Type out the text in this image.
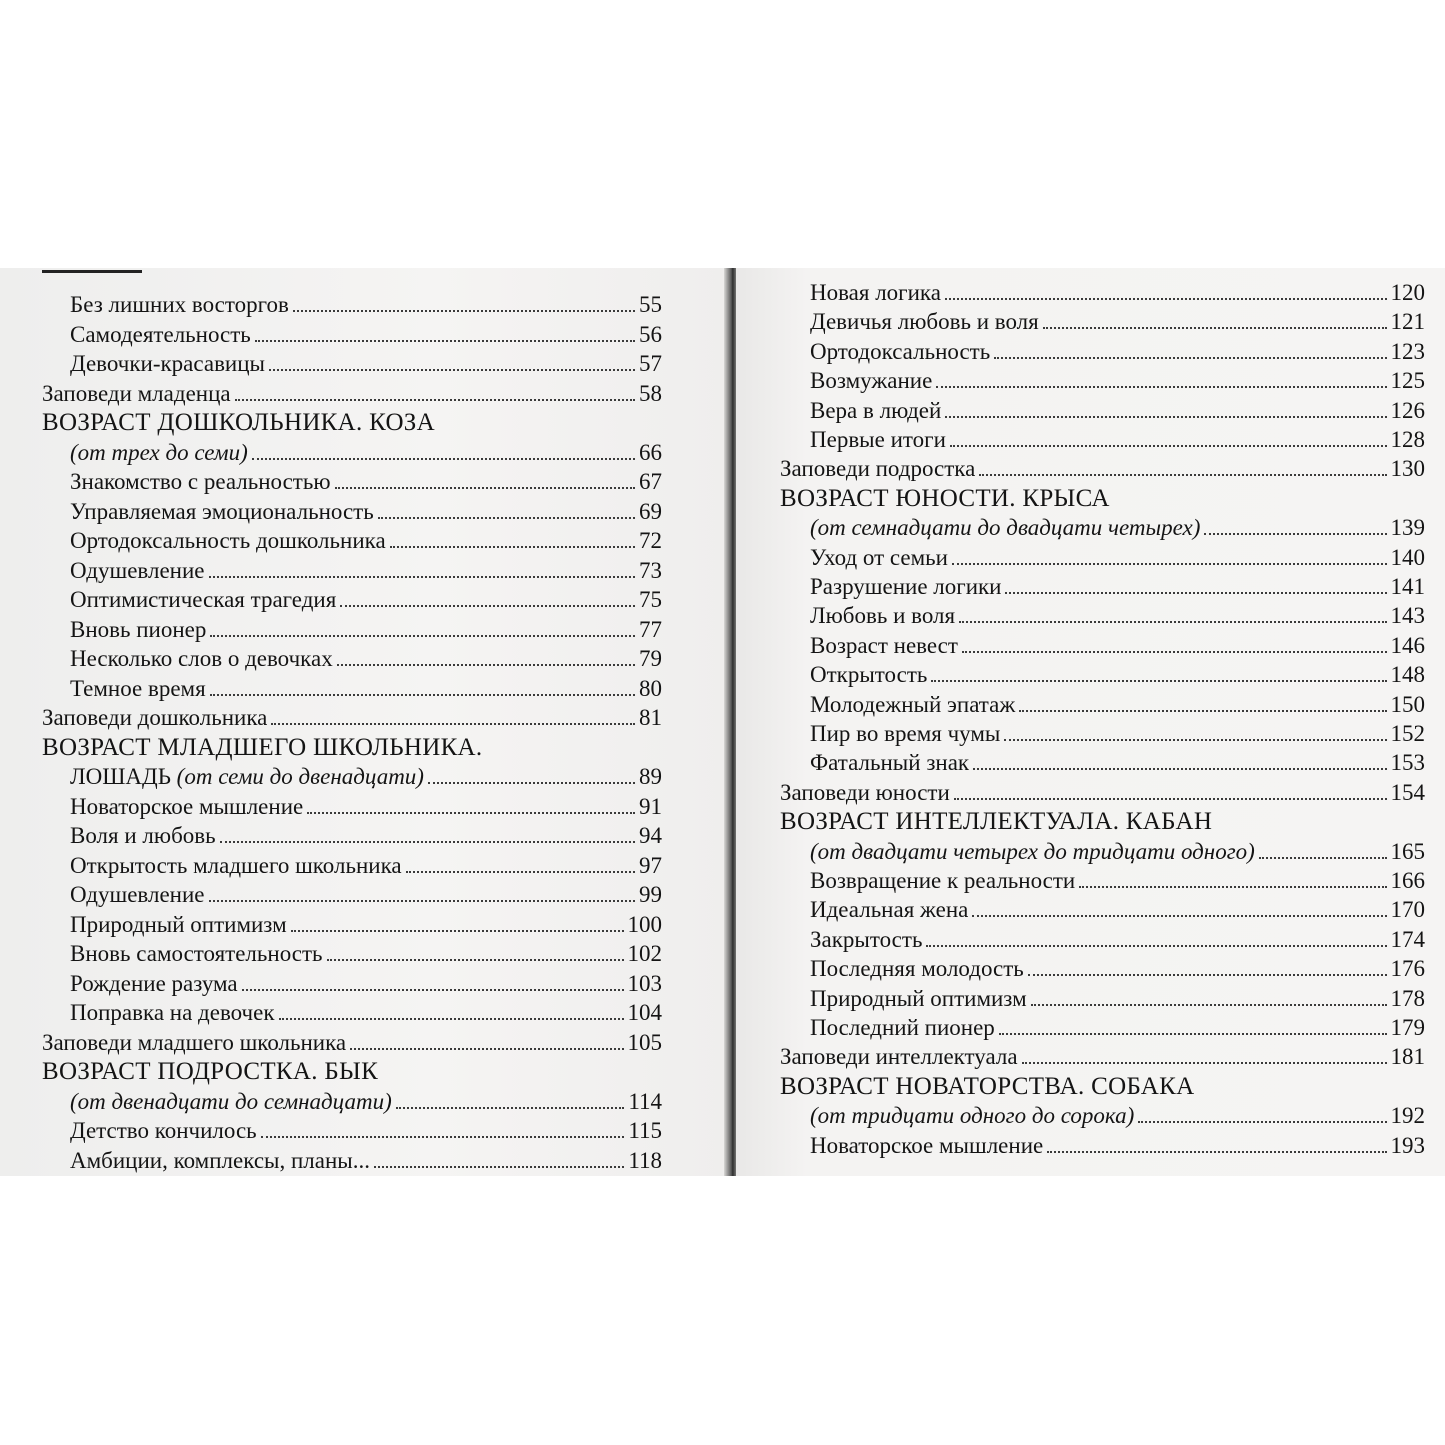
Без лишних восторгов	55
Самодеятельность	56
Девочки-красавицы	57
Заповеди младенца	58
ВОЗРАСТ ДОШКОЛЬНИКА. КОЗА
(от трех до семи)	66
Знакомство с реальностью	67
Управляемая эмоциональность	69
Ортодоксальность дошкольника	72
Одушевление	73
Оптимистическая трагедия	75
Вновь пионер	77
Несколько слов о девочках	79
Темное время	80
Заповеди дошкольника	81
ВОЗРАСТ МЛАДШЕГО ШКОЛЬНИКА.
ЛОШАДЬ (от семи до двенадцати)	89
Новаторское мышление	91
Воля и любовь	94
Открытость младшего школьника	97
Одушевление	99
Природный оптимизм	100
Вновь самостоятельность	102
Рождение разума	103
Поправка на девочек	104
Заповеди младшего школьника	105
ВОЗРАСТ ПОДРОСТКА. БЫК
(от двенадцати до семнадцати)	114
Детство кончилось	115
Амбиции, комплексы, планы...	118
Новая логика	120
Девичья любовь и воля	121
Ортодоксальность	123
Возмужание	125
Вера в людей	126
Первые итоги	128
Заповеди подростка	130
ВОЗРАСТ ЮНОСТИ. КРЫСА
(от семнадцати до двадцати четырех)	139
Уход от семьи	140
Разрушение логики	141
Любовь и воля	143
Возраст невест	146
Открытость	148
Молодежный эпатаж	150
Пир во время чумы	152
Фатальный знак	153
Заповеди юности	154
ВОЗРАСТ ИНТЕЛЛЕКТУАЛА. КАБАН
(от двадцати четырех до тридцати одного)	165
Возвращение к реальности	166
Идеальная жена	170
Закрытость	174
Последняя молодость	176
Природный оптимизм	178
Последний пионер	179
Заповеди интеллектуала	181
ВОЗРАСТ НОВАТОРСТВА. СОБАКА
(от тридцати одного до сорока)	192
Новаторское мышление	193
